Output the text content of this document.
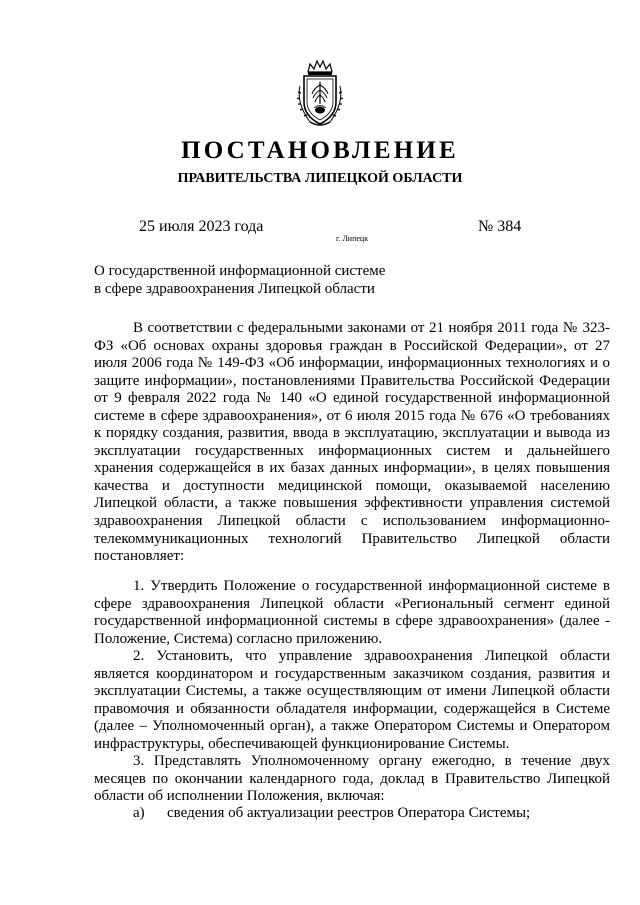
ПОСТАНОВЛЕНИЕ
ПРАВИТЕЛЬСТВА ЛИПЕЦКОЙ ОБЛАСТИ
25 июля 2023 года
г. Липецк
№ 384
О государственной информационной системе
в сфере здравоохранения Липецкой области

В соответствии с федеральными законами от 21 ноября 2011 года № 323-ФЗ «Об основах охраны здоровья граждан в Российской Федерации», от 27 июля 2006 года № 149-ФЗ «Об информации, информационных технологиях и о защите информации», постановлениями Правительства Российской Федерации от 9 февраля 2022 года № 140 «О единой государственной информационной системе в сфере здравоохранения», от 6 июля 2015 года № 676 «О требованиях к порядку создания, развития, ввода в эксплуатацию, эксплуатации и вывода из эксплуатации государственных информационных систем и дальнейшего хранения содержащейся в их базах данных информации», в целях повышения качества и доступности медицинской помощи, оказываемой населению Липецкой области, а также повышения эффективности управления системой здравоохранения Липецкой области с использованием информационно-телекоммуникационных технологий Правительство Липецкой области постановляет:

1. Утвердить Положение о государственной информационной системе в сфере здравоохранения Липецкой области «Региональный сегмент единой государственной информационной системы в сфере здравоохранения» (далее - Положение, Система) согласно приложению.

2. Установить, что управление здравоохранения Липецкой области является координатором и государственным заказчиком создания, развития и эксплуатации Системы, а также осуществляющим от имени Липецкой области правомочия и обязанности обладателя информации, содержащейся в Системе (далее – Уполномоченный орган), а также Оператором Системы и Оператором инфраструктуры, обеспечивающей функционирование Системы.

3. Представлять Уполномоченному органу ежегодно, в течение двух месяцев по окончании календарного года, доклад в Правительство Липецкой области об исполнении Положения, включая:

а) сведения об актуализации реестров Оператора Системы;
